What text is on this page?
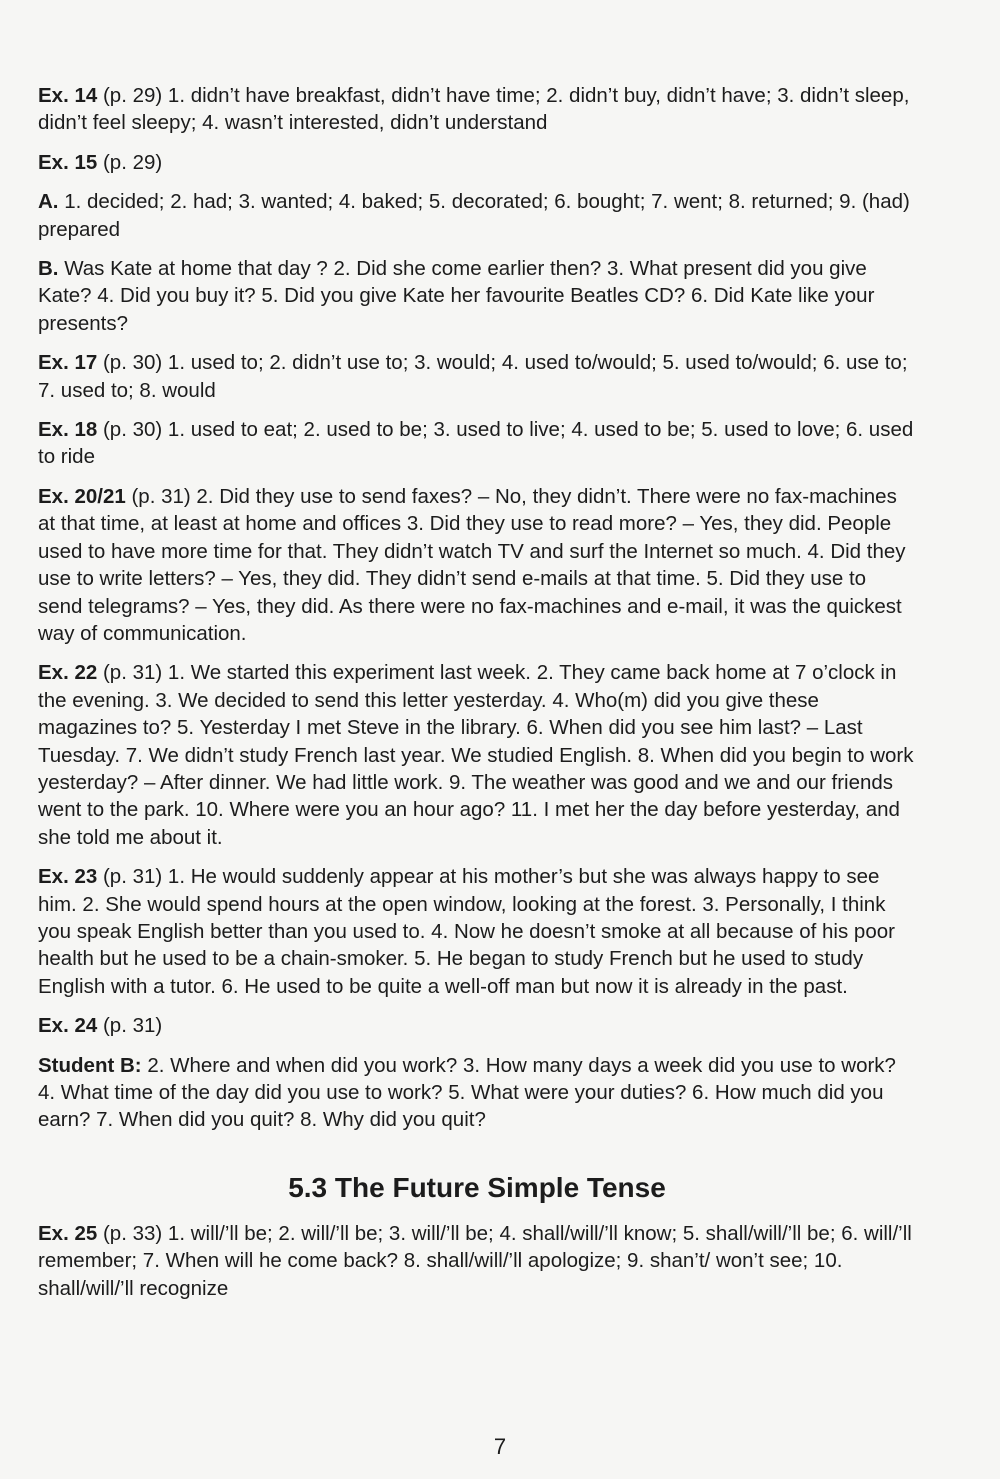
Ex. 14 (p. 29) 1. didn’t have breakfast, didn’t have time; 2. didn’t buy, didn’t have; 3. didn’t sleep, didn’t feel sleepy; 4. wasn’t interested, didn’t understand

Ex. 15 (p. 29)

A. 1. decided; 2. had; 3. wanted; 4. baked; 5. decorated; 6. bought; 7. went; 8. returned; 9. (had) prepared

B. Was Kate at home that day ? 2. Did she come earlier then? 3. What present did you give Kate? 4. Did you buy it? 5. Did you give Kate her favourite Beatles CD? 6. Did Kate like your presents?

Ex. 17 (p. 30) 1. used to; 2. didn’t use to; 3. would; 4. used to/would; 5. used to/would; 6. use to; 7. used to; 8. would

Ex. 18 (p. 30) 1. used to eat; 2. used to be; 3. used to live; 4. used to be; 5. used to love; 6. used to ride

Ex. 20/21 (p. 31) 2. Did they use to send faxes? – No, they didn’t. There were no fax-machines at that time, at least at home and offices 3. Did they use to read more? – Yes, they did. People used to have more time for that. They didn’t watch TV and surf the Internet so much. 4. Did they use to write letters? – Yes, they did. They didn’t send e-mails at that time. 5. Did they use to send telegrams? – Yes, they did. As there were no fax-machines and e-mail, it was the quickest way of communication.

Ex. 22 (p. 31) 1. We started this experiment last week. 2. They came back home at 7 o’clock in the evening. 3. We decided to send this letter yesterday. 4. Who(m) did you give these magazines to? 5. Yesterday I met Steve in the library. 6. When did you see him last? – Last Tuesday. 7. We didn’t study French last year. We studied English. 8. When did you begin to work yesterday? – After dinner. We had little work. 9. The weather was good and we and our friends went to the park. 10. Where were you an hour ago? 11. I met her the day before yesterday, and she told me about it.

Ex. 23 (p. 31) 1. He would suddenly appear at his mother’s but she was always happy to see him. 2. She would spend hours at the open window, looking at the forest. 3. Personally, I think you speak English better than you used to. 4. Now he doesn’t smoke at all because of his poor health but he used to be a chain-smoker. 5. He began to study French but he used to study English with a tutor. 6. He used to be quite a well-off man but now it is already in the past.

Ex. 24 (p. 31)

Student B: 2. Where and when did you work? 3. How many days a week did you use to work? 4. What time of the day did you use to work? 5. What were your duties? 6. How much did you earn? 7. When did you quit? 8. Why did you quit?

5.3 The Future Simple Tense

Ex. 25 (p. 33) 1. will/’ll be; 2. will/’ll be; 3. will/’ll be; 4. shall/will/’ll know; 5. shall/will/’ll be; 6. will/’ll remember; 7. When will he come back? 8. shall/will/’ll apologize; 9. shan’t/ won’t see; 10. shall/will/’ll recognize

7
